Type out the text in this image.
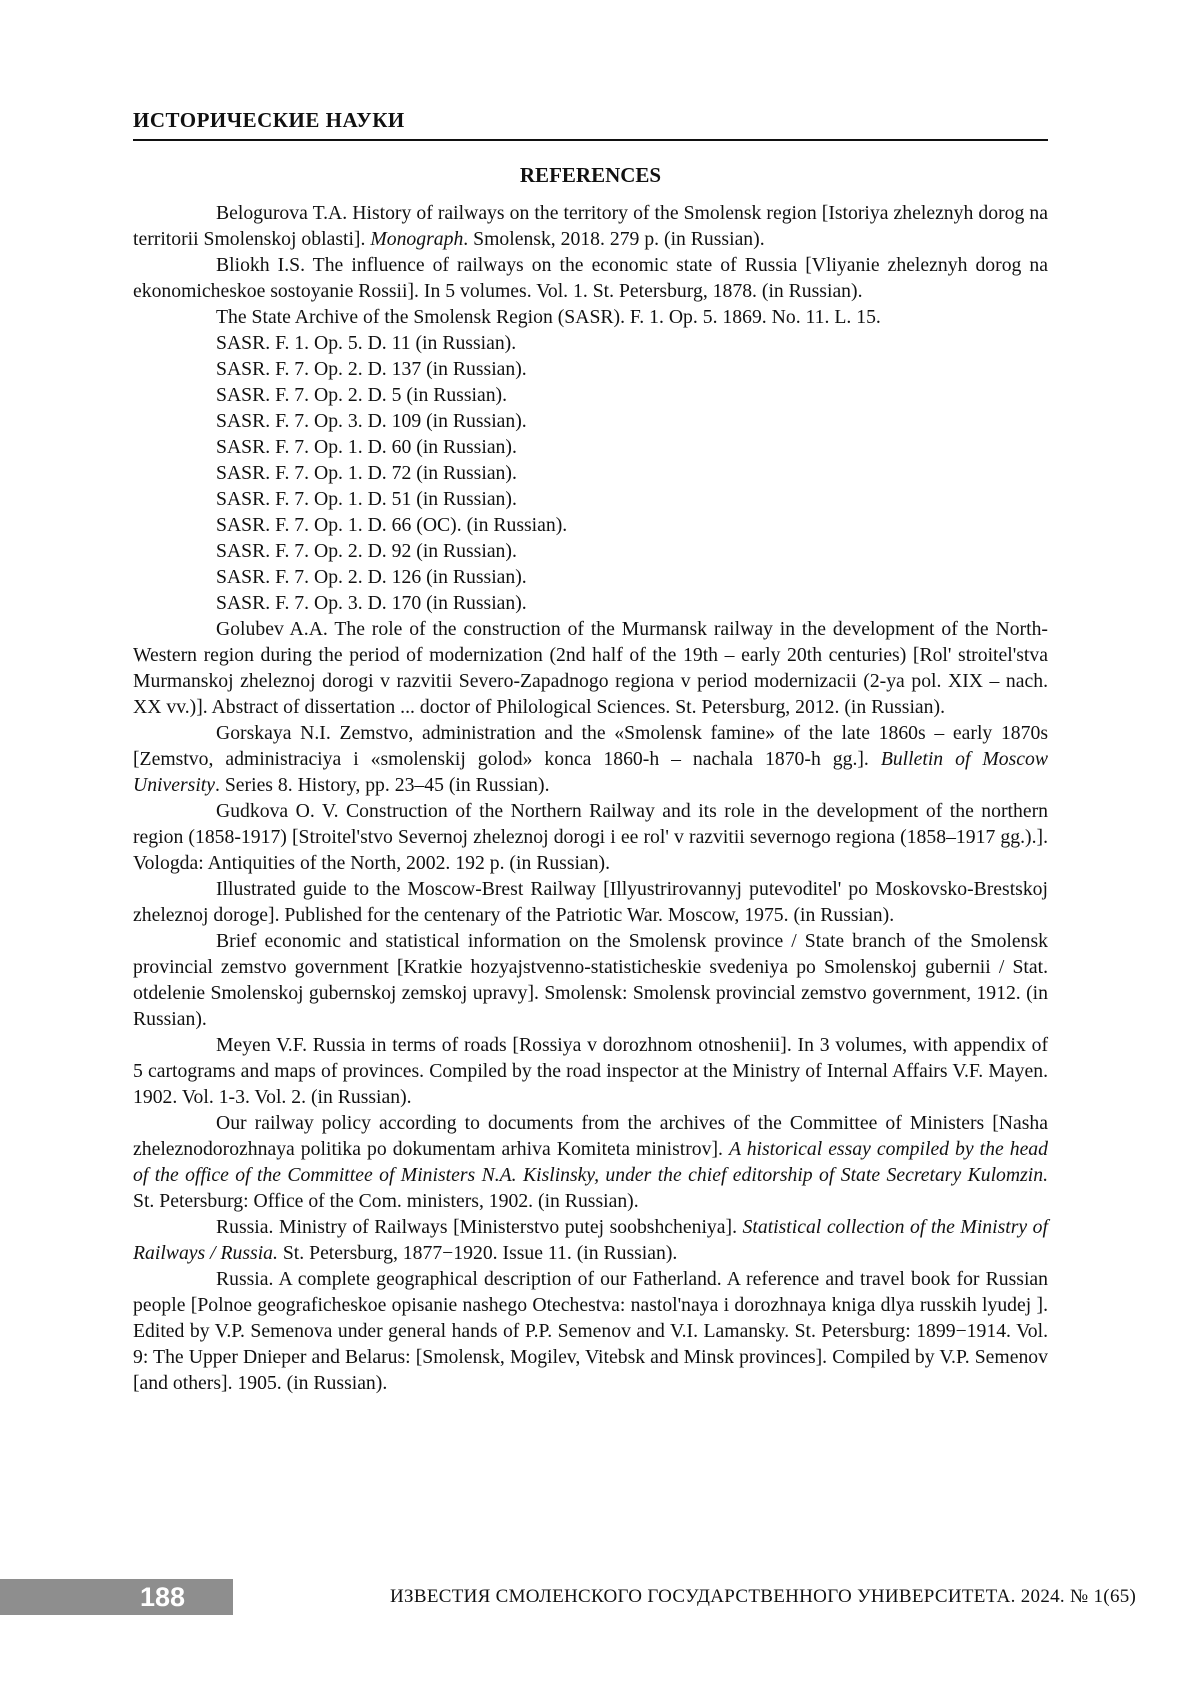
ИСТОРИЧЕСКИЕ НАУКИ
REFERENCES

Belogurova T.A. History of railways on the territory of the Smolensk region [Istoriya zheleznyh dorog na territorii Smolenskoj oblasti]. Monograph. Smolensk, 2018. 279 p. (in Russian).

Bliokh I.S. The influence of railways on the economic state of Russia [Vliyanie zheleznyh dorog na ekonomicheskoe sostoyanie Rossii]. In 5 volumes. Vol. 1. St. Petersburg, 1878. (in Russian).

The State Archive of the Smolensk Region (SASR). F. 1. Op. 5. 1869. No. 11. L. 15.

SASR. F. 1. Op. 5. D. 11 (in Russian).

SASR. F. 7. Op. 2. D. 137 (in Russian).

SASR. F. 7. Op. 2. D. 5 (in Russian).

SASR. F. 7. Op. 3. D. 109 (in Russian).

SASR. F. 7. Op. 1. D. 60 (in Russian).

SASR. F. 7. Op. 1. D. 72 (in Russian).

SASR. F. 7. Op. 1. D. 51 (in Russian).

SASR. F. 7. Op. 1. D. 66 (OC). (in Russian).

SASR. F. 7. Op. 2. D. 92 (in Russian).

SASR. F. 7. Op. 2. D. 126 (in Russian).

SASR. F. 7. Op. 3. D. 170 (in Russian).

Golubev A.A. The role of the construction of the Murmansk railway in the development of the North-Western region during the period of modernization (2nd half of the 19th – early 20th centuries) [Rol' stroitel'stva Murmanskoj zheleznoj dorogi v razvitii Severo-Zapadnogo regiona v period modernizacii (2-ya pol. XIX – nach. XX vv.)]. Abstract of dissertation ... doctor of Philological Sciences. St. Petersburg, 2012. (in Russian).

Gorskaya N.I. Zemstvo, administration and the «Smolensk famine» of the late 1860s – early 1870s [Zemstvo, administraciya i «smolenskij golod» konca 1860-h – nachala 1870-h gg.]. Bulletin of Moscow University. Series 8. History, pp. 23–45 (in Russian).

Gudkova O. V. Construction of the Northern Railway and its role in the development of the northern region (1858-1917) [Stroitel'stvo Severnoj zheleznoj dorogi i ee rol' v razvitii severnogo regiona (1858–1917 gg.).]. Vologda: Antiquities of the North, 2002. 192 p. (in Russian).

Illustrated guide to the Moscow-Brest Railway [Illyustrirovannyj putevoditel' po Moskovsko-Brestskoj zheleznoj doroge]. Published for the centenary of the Patriotic War. Moscow, 1975. (in Russian).

Brief economic and statistical information on the Smolensk province / State branch of the Smolensk provincial zemstvo government [Kratkie hozyajstvenno-statisticheskie svedeniya po Smolenskoj gubernii / Stat. otdelenie Smolenskoj gubernskoj zemskoj upravy]. Smolensk: Smolensk provincial zemstvo government, 1912. (in Russian).

Meyen V.F. Russia in terms of roads [Rossiya v dorozhnom otnoshenii]. In 3 volumes, with appendix of 5 cartograms and maps of provinces. Compiled by the road inspector at the Ministry of Internal Affairs V.F. Mayen. 1902. Vol. 1-3. Vol. 2. (in Russian).

Our railway policy according to documents from the archives of the Committee of Ministers [Nasha zheleznodorozhnaya politika po dokumentam arhiva Komiteta ministrov]. A historical essay compiled by the head of the office of the Committee of Ministers N.A. Kislinsky, under the chief editorship of State Secretary Kulomzin. St. Petersburg: Office of the Com. ministers, 1902. (in Russian).

Russia. Ministry of Railways [Ministerstvo putej soobshcheniya]. Statistical collection of the Ministry of Railways / Russia. St. Petersburg, 1877−1920. Issue 11. (in Russian).

Russia. A complete geographical description of our Fatherland. A reference and travel book for Russian people [Polnoe geograficheskoe opisanie nashego Otechestva: nastol'naya i dorozhnaya kniga dlya russkih lyudej ]. Edited by V.P. Semenova under general hands of P.P. Semenov and V.I. Lamansky. St. Petersburg: 1899−1914. Vol. 9: The Upper Dnieper and Belarus: [Smolensk, Mogilev, Vitebsk and Minsk provinces]. Compiled by V.P. Semenov [and others]. 1905. (in Russian).

188	ИЗВЕСТИЯ СМОЛЕНСКОГО ГОСУДАРСТВЕННОГО УНИВЕРСИТЕТА. 2024. № 1(65)
